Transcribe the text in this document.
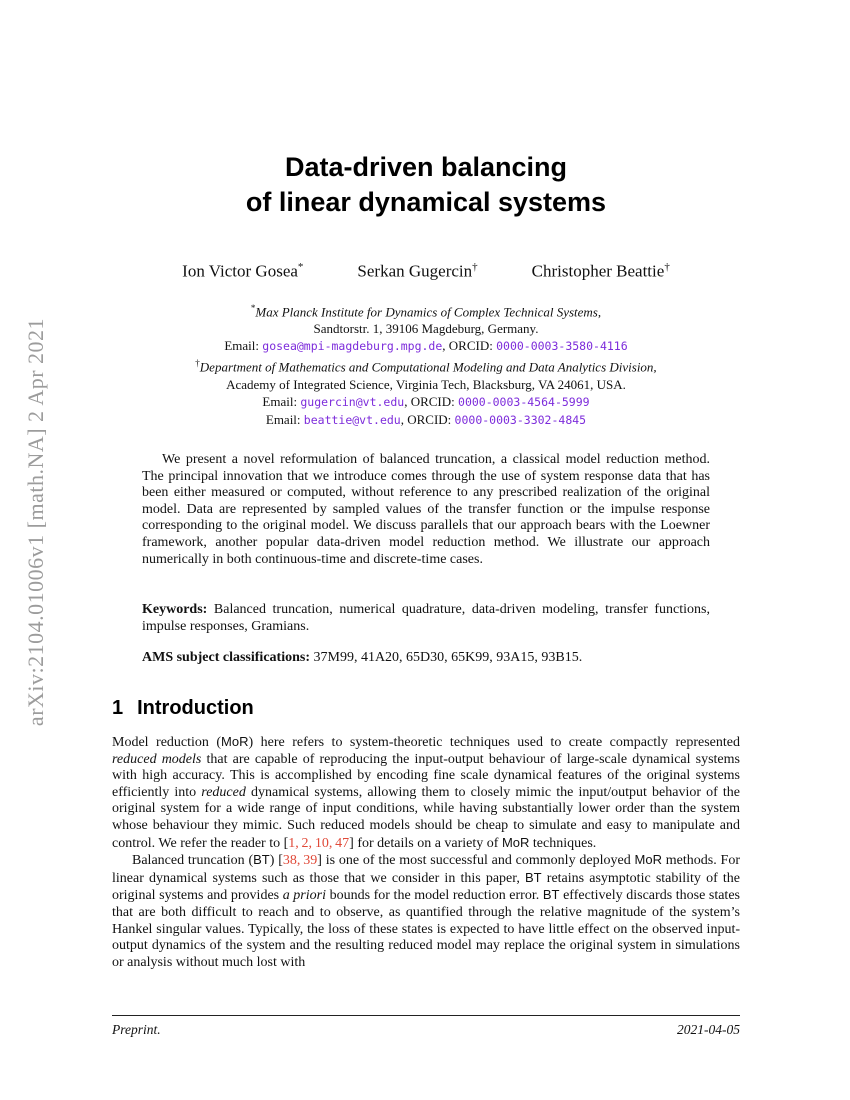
arXiv:2104.01006v1 [math.NA] 2 Apr 2021
Data-driven balancing
of linear dynamical systems
Ion Victor Gosea*	Serkan Gugercin†	Christopher Beattie†
*Max Planck Institute for Dynamics of Complex Technical Systems,
Sandtorstr. 1, 39106 Magdeburg, Germany.
Email: gosea@mpi-magdeburg.mpg.de, ORCID: 0000-0003-3580-4116
†Department of Mathematics and Computational Modeling and Data Analytics Division,
Academy of Integrated Science, Virginia Tech, Blacksburg, VA 24061, USA.
Email: gugercin@vt.edu, ORCID: 0000-0003-4564-5999
Email: beattie@vt.edu, ORCID: 0000-0003-3302-4845

We present a novel reformulation of balanced truncation, a classical model reduction method. The principal innovation that we introduce comes through the use of system response data that has been either measured or computed, without reference to any prescribed realization of the original model. Data are represented by sampled values of the transfer function or the impulse response corresponding to the original model. We discuss parallels that our approach bears with the Loewner framework, another popular data-driven model reduction method. We illustrate our approach numerically in both continuous-time and discrete-time cases.

Keywords: Balanced truncation, numerical quadrature, data-driven modeling, transfer functions, impulse responses, Gramians.
AMS subject classifications: 37M99, 41A20, 65D30, 65K99, 93A15, 93B15.
1 Introduction

Model reduction (MoR) here refers to system-theoretic techniques used to create compactly represented reduced models that are capable of reproducing the input-output behaviour of large-scale dynamical systems with high accuracy. This is accomplished by encoding fine scale dynamical features of the original systems efficiently into reduced dynamical systems, allowing them to closely mimic the input/output behavior of the original system for a wide range of input conditions, while having substantially lower order than the system whose behaviour they mimic. Such reduced models should be cheap to simulate and easy to manipulate and control. We refer the reader to [1, 2, 10, 47] for details on a variety of MoR techniques.

Balanced truncation (BT) [38, 39] is one of the most successful and commonly deployed MoR methods. For linear dynamical systems such as those that we consider in this paper, BT retains asymptotic stability of the original systems and provides a priori bounds for the model reduction error. BT effectively discards those states that are both difficult to reach and to observe, as quantified through the relative magnitude of the system’s Hankel singular values. Typically, the loss of these states is expected to have little effect on the observed input-output dynamics of the system and the resulting reduced model may replace the original system in simulations or analysis without much lost with

Preprint.	2021-04-05
